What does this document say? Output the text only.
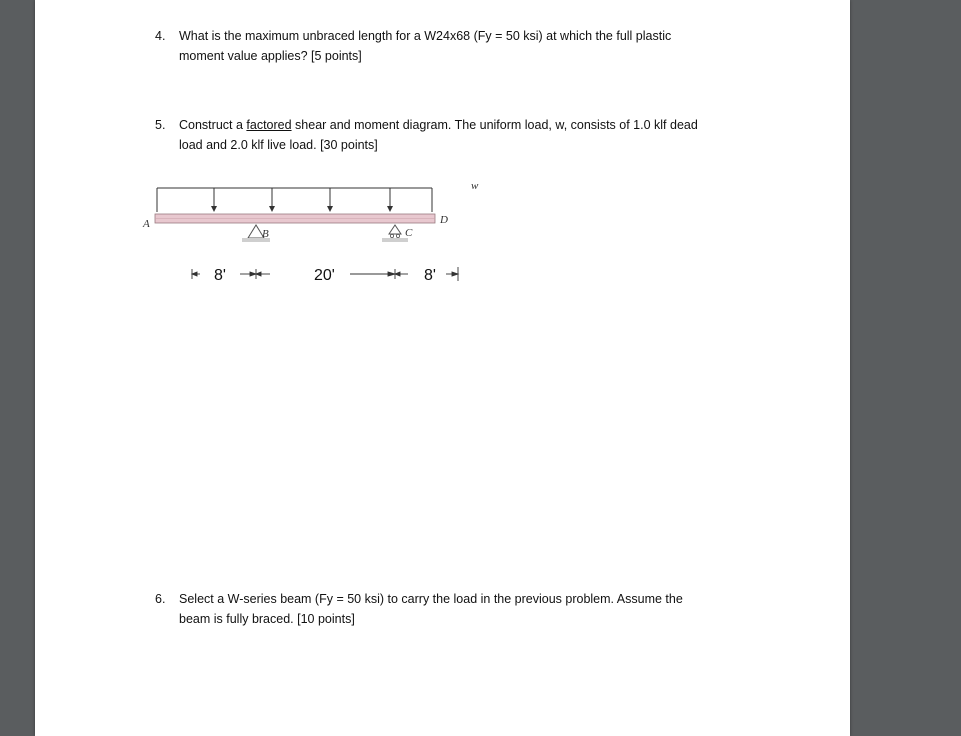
4. What is the maximum unbraced length for a W24x68 (Fy = 50 ksi) at which the full plastic
moment value applies? [5 points]
5. Construct a factored shear and moment diagram. The uniform load, w, consists of 1.0 klf dead
load and 2.0 klf live load. [30 points]
w
A	D
B	C
8'	20'	8'
6. Select a W-series beam (Fy = 50 ksi) to carry the load in the previous problem. Assume the
beam is fully braced. [10 points]
